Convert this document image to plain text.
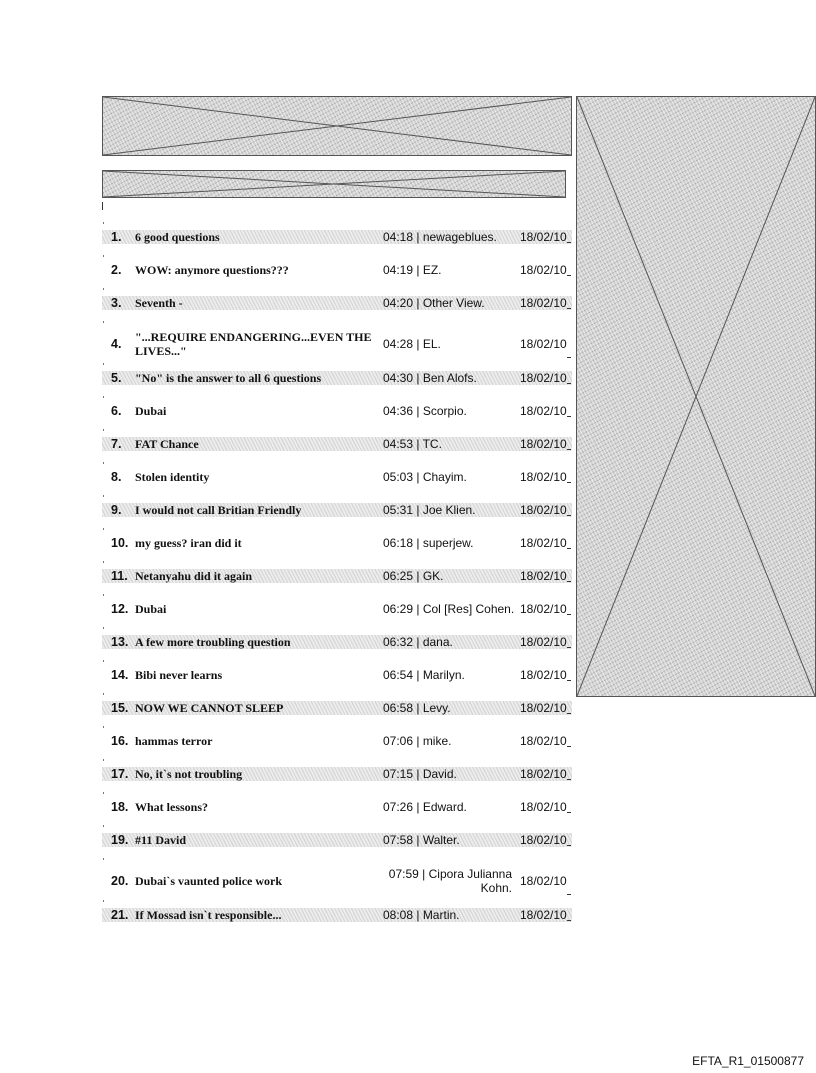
1.	6 good questions	04:18 | newageblues.	18/02/10
2.	WOW: anymore questions???	04:19 | EZ.	18/02/10
3.	Seventh -	04:20 | Other View.	18/02/10
4.	"...REQUIRE ENDANGERING...EVEN THE LIVES..."	04:28 | EL.	18/02/10
5.	"No" is the answer to all 6 questions	04:30 | Ben Alofs.	18/02/10
6.	Dubai	04:36 | Scorpio.	18/02/10
7.	FAT Chance	04:53 | TC.	18/02/10
8.	Stolen identity	05:03 | Chayim.	18/02/10
9.	I would not call Britian Friendly	05:31 | Joe Klien.	18/02/10
10. my guess? iran did it	06:18 | superjew.	18/02/10
11. Netanyahu did it again	06:25 | GK.	18/02/10
12. Dubai	06:29 | Col [Res] Cohen. 18/02/10
13. A few more troubling question	06:32 | dana.	18/02/10
14. Bibi never learns	06:54 | Marilyn.	18/02/10
15. NOW WE CANNOT SLEEP	06:58 | Levy.	18/02/10
16. hammas terror	07:06 | mike.	18/02/10
17. No, it`s not troubling	07:15 | David.	18/02/10
18. What lessons?	07:26 | Edward.	18/02/10
19. #11 David	07:58 | Walter.	18/02/10
20. Dubai`s vaunted police work	07:59 | Cipora Julianna Kohn. 18/02/10
21. If Mossad isn`t responsible...	08:08 | Martin.	18/02/10
EFTA_R1_01500877
